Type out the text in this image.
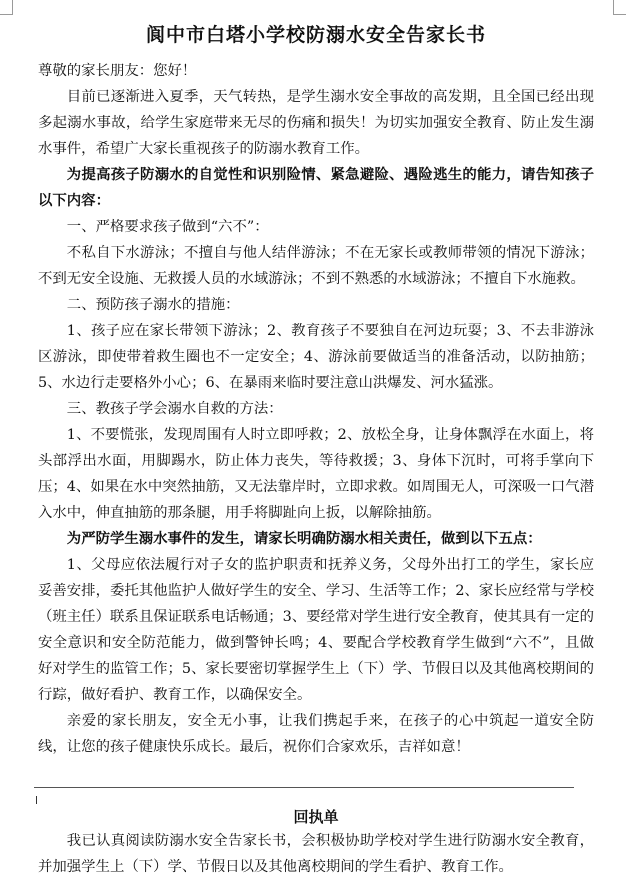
阆中市白塔小学校防溺水安全告家长书

尊敬的家长朋友：您好！

目前已逐渐进入夏季，天气转热，是学生溺水安全事故的高发期，且全国已经出现多起溺水事故，给学生家庭带来无尽的伤痛和损失！为切实加强安全教育、防止发生溺水事件，希望广大家长重视孩子的防溺水教育工作。

为提高孩子防溺水的自觉性和识别险情、紧急避险、遇险逃生的能力，请告知孩子以下内容：

一、严格要求孩子做到“六不”：

不私自下水游泳；不擅自与他人结伴游泳；不在无家长或教师带领的情况下游泳；不到无安全设施、无救援人员的水域游泳；不到不熟悉的水域游泳；不擅自下水施救。

二、预防孩子溺水的措施：

1、孩子应在家长带领下游泳；2、教育孩子不要独自在河边玩耍；3、不去非游泳区游泳，即使带着救生圈也不一定安全；4、游泳前要做适当的准备活动，以防抽筋；5、水边行走要格外小心；6、在暴雨来临时要注意山洪爆发、河水猛涨。

三、教孩子学会溺水自救的方法：

1、不要慌张，发现周围有人时立即呼救；2、放松全身，让身体飘浮在水面上，将头部浮出水面，用脚踢水，防止体力丧失，等待救援；3、身体下沉时，可将手掌向下压；4、如果在水中突然抽筋，又无法靠岸时，立即求救。如周围无人，可深吸一口气潜入水中，伸直抽筋的那条腿，用手将脚趾向上扳，以解除抽筋。

为严防学生溺水事件的发生，请家长明确防溺水相关责任，做到以下五点：

1、父母应依法履行对子女的监护职责和抚养义务，父母外出打工的学生，家长应妥善安排，委托其他监护人做好学生的安全、学习、生活等工作；2、家长应经常与学校（班主任）联系且保证联系电话畅通；3、要经常对学生进行安全教育，使其具有一定的安全意识和安全防范能力，做到警钟长鸣；4、要配合学校教育学生做到“六不”，且做好对学生的监管工作；5、家长要密切掌握学生上（下）学、节假日以及其他离校期间的行踪，做好看护、教育工作，以确保安全。

亲爱的家长朋友，安全无小事，让我们携起手来，在孩子的心中筑起一道安全防线，让您的孩子健康快乐成长。最后，祝你们合家欢乐，吉祥如意！

回执单

我已认真阅读防溺水安全告家长书，会积极协助学校对学生进行防溺水安全教育，并加强学生上（下）学、节假日以及其他离校期间的学生看护、教育工作。
